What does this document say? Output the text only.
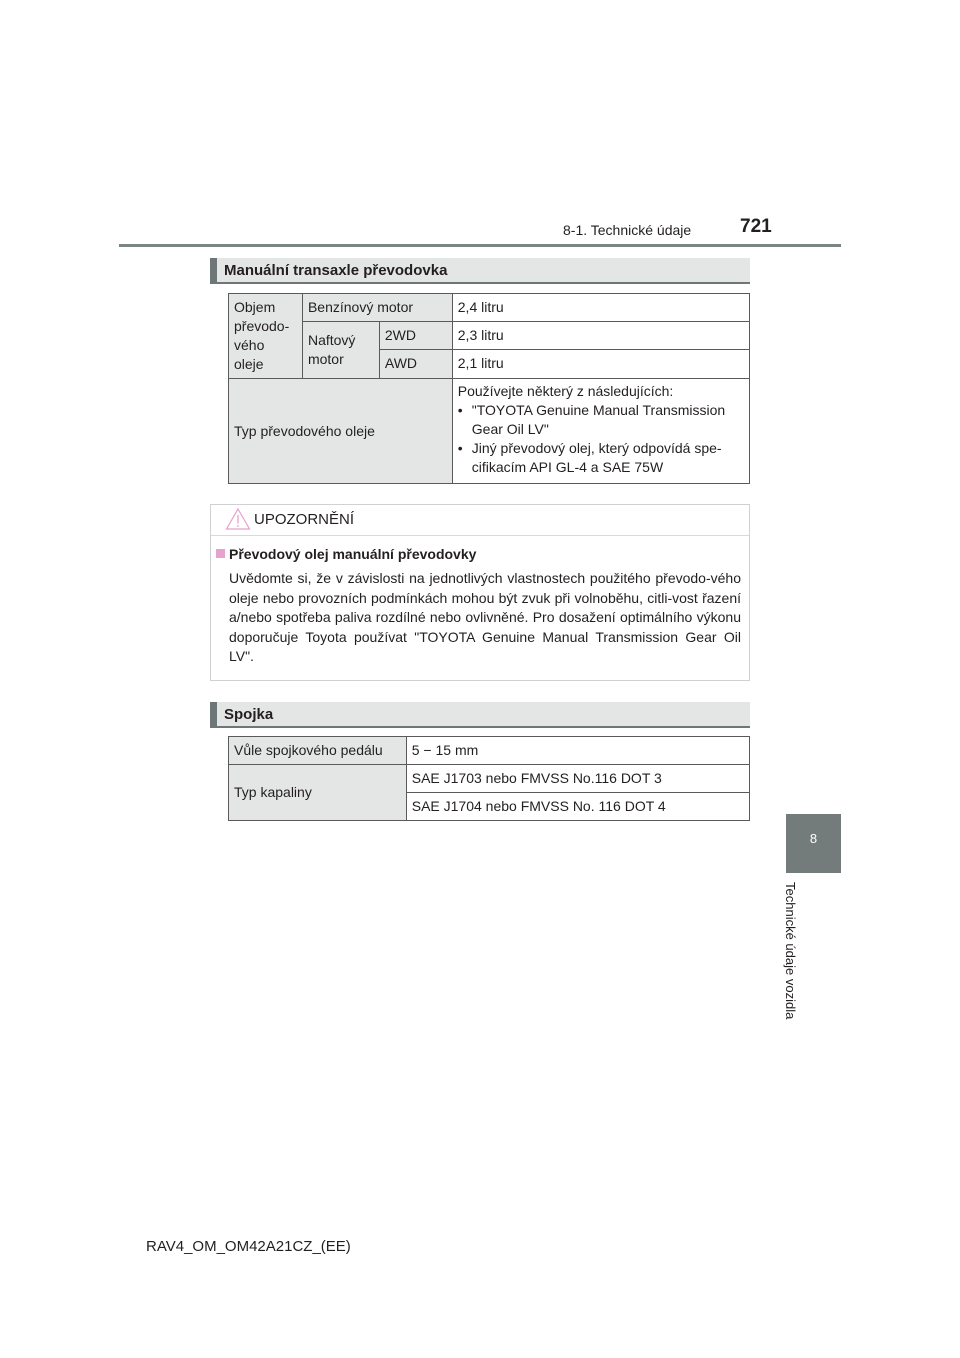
8-1. Technické údaje	721
8
Technické údaje vozidla
Manuální transaxle převodovka
Objem převodo-vého oleje	Benzínový motor		2,4 litru

	Naftový motor	2WD	2,3 litru

		AWD	2,1 litru

Typ převodového oleje			Používejte některý z následujících:
• "TOYOTA Genuine Manual Transmission Gear Oil LV"
• Jiný převodový olej, který odpovídá spe-cifikacím API GL-4 a SAE 75W
UPOZORNĚNÍ
Převodový olej manuální převodovky
Uvědomte si, že v závislosti na jednotlivých vlastnostech použitého převodo-vého oleje nebo provozních podmínkách mohou být zvuk při volnoběhu, citli-vost řazení a/nebo spotřeba paliva rozdílné nebo ovlivněné. Pro dosažení optimálního výkonu doporučuje Toyota používat "TOYOTA Genuine Manual Transmission Gear Oil LV".
Spojka
Vůle spojkového pedálu	5 − 15 mm

Typ kapaliny	SAE J1703 nebo FMVSS No.116 DOT 3

	SAE J1704 nebo FMVSS No. 116 DOT 4
RAV4_OM_OM42A21CZ_(EE)
